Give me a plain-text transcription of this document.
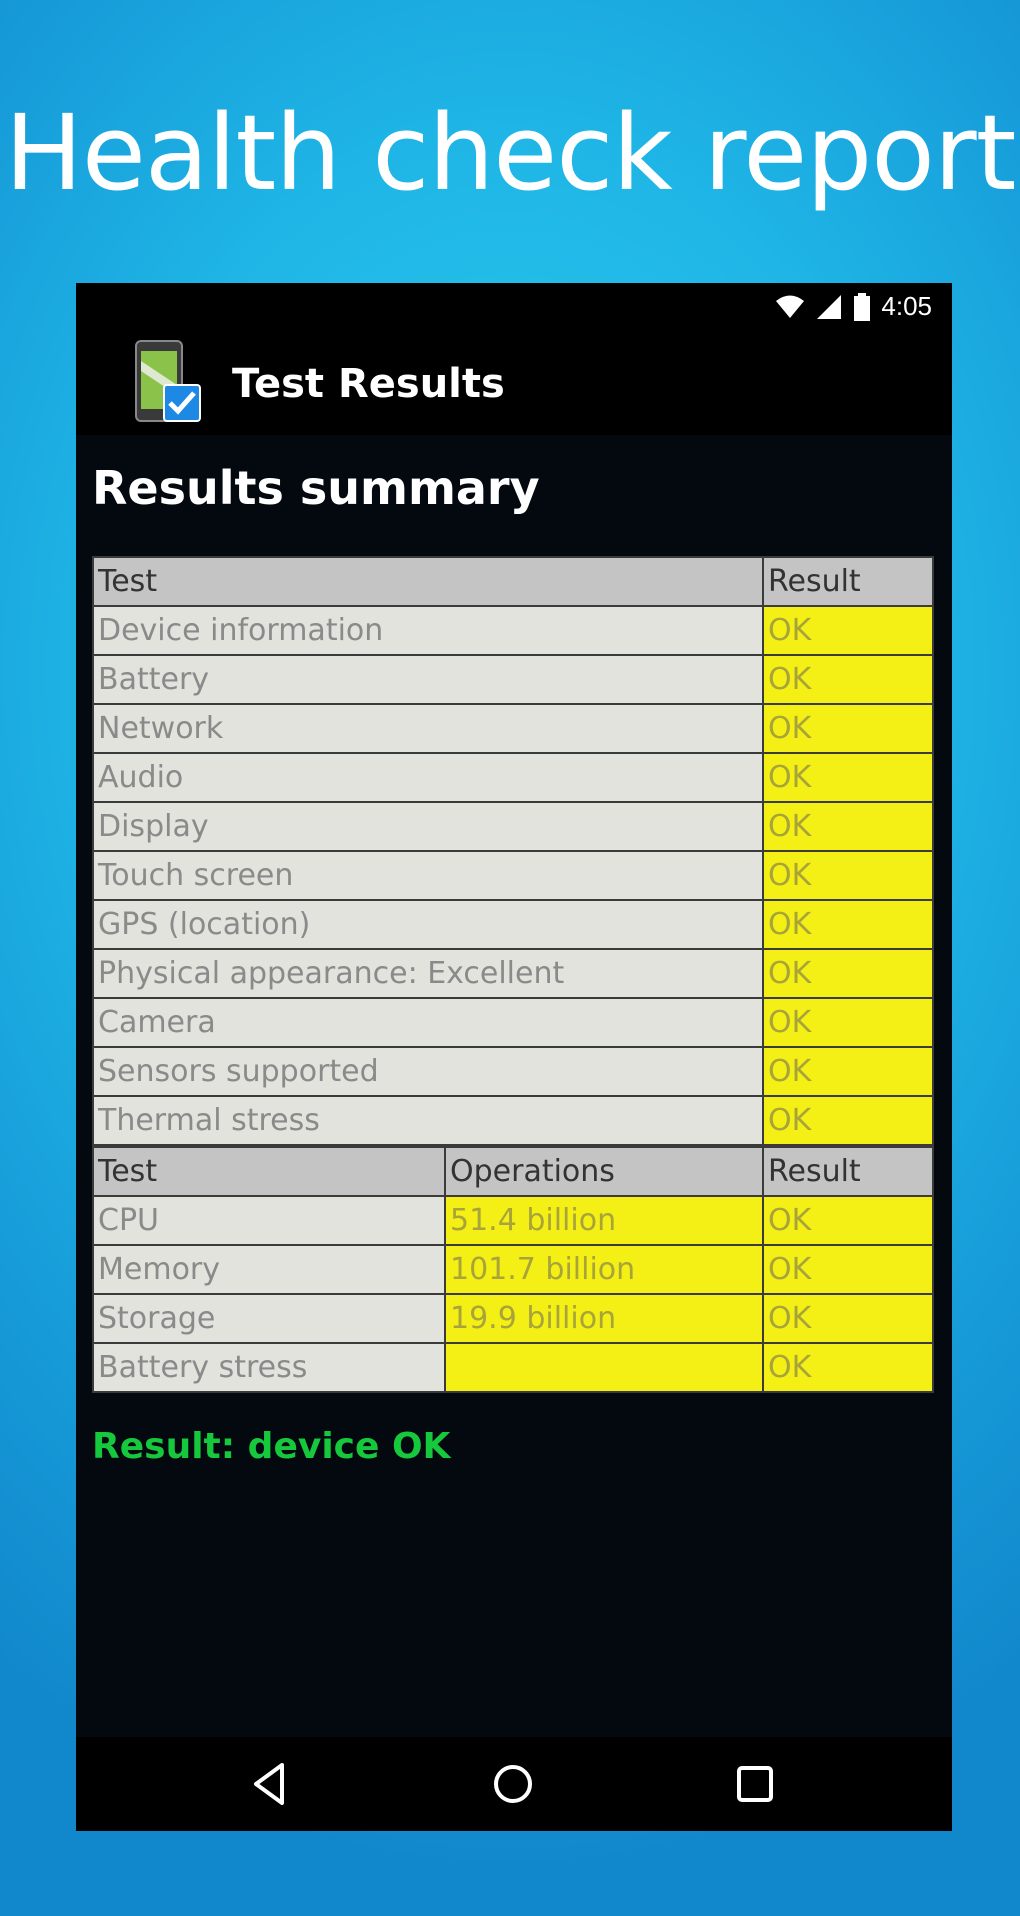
Health check report
4:05
Test Results
Results summary
Test	Result
Device information	OK
Battery	OK
Network	OK
Audio	OK
Display	OK
Touch screen	OK
GPS (location)	OK
Physical appearance: Excellent	OK
Camera	OK
Sensors supported	OK
Thermal stress	OK
Test	Operations	Result
CPU	51.4 billion	OK
Memory	101.7 billion	OK
Storage	19.9 billion	OK
Battery stress		OK
Result: device OK
